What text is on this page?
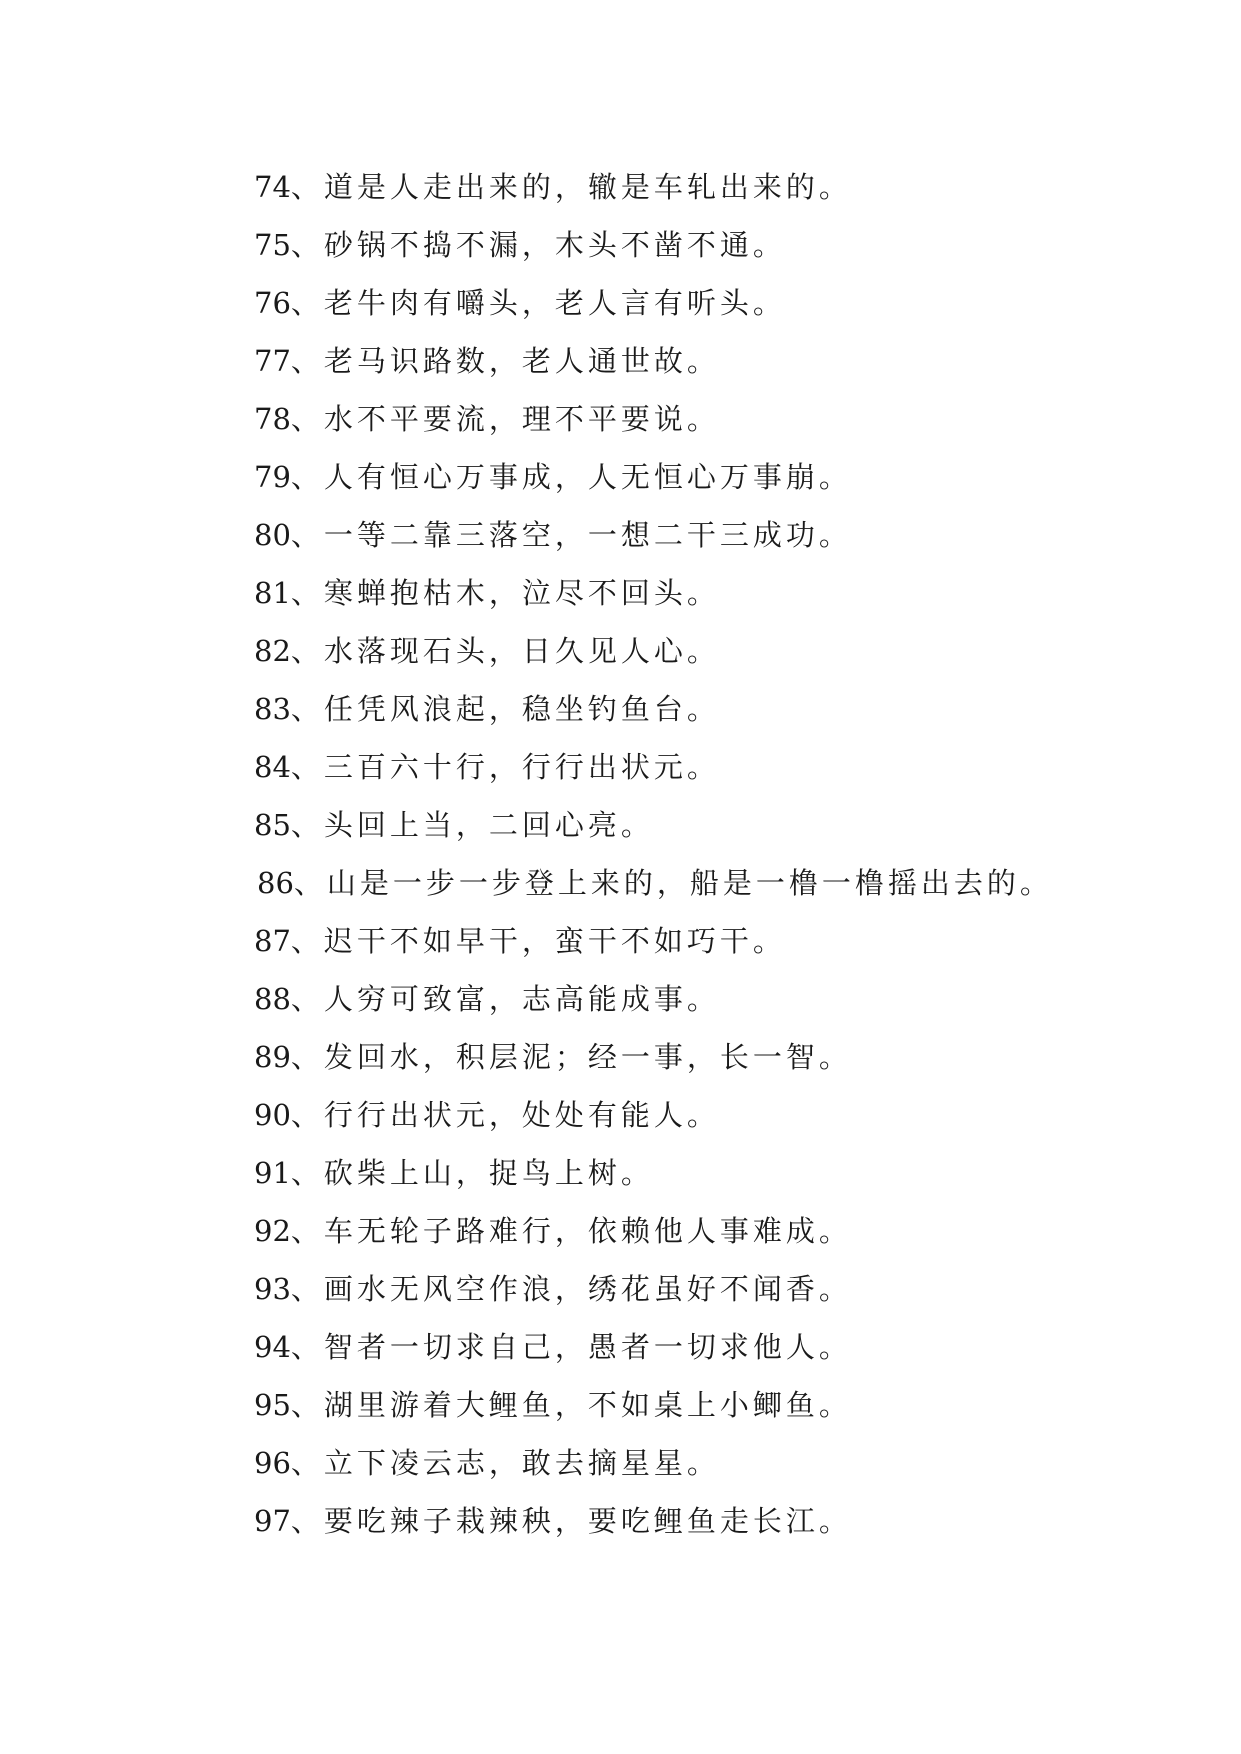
74、道是人走出来的，辙是车轧出来的。
75、砂锅不捣不漏，木头不凿不通。
76、老牛肉有嚼头，老人言有听头。
77、老马识路数，老人通世故。
78、水不平要流，理不平要说。
79、人有恒心万事成，人无恒心万事崩。
80、一等二靠三落空，一想二干三成功。
81、寒蝉抱枯木，泣尽不回头。
82、水落现石头，日久见人心。
83、任凭风浪起，稳坐钓鱼台。
84、三百六十行，行行出状元。
85、头回上当，二回心亮。
86、山是一步一步登上来的，船是一橹一橹摇出去的。
87、迟干不如早干，蛮干不如巧干。
88、人穷可致富，志高能成事。
89、发回水，积层泥；经一事，长一智。
90、行行出状元，处处有能人。
91、砍柴上山，捉鸟上树。
92、车无轮子路难行，依赖他人事难成。
93、画水无风空作浪，绣花虽好不闻香。
94、智者一切求自己，愚者一切求他人。
95、湖里游着大鲤鱼，不如桌上小鲫鱼。
96、立下凌云志，敢去摘星星。
97、要吃辣子栽辣秧，要吃鲤鱼走长江。
